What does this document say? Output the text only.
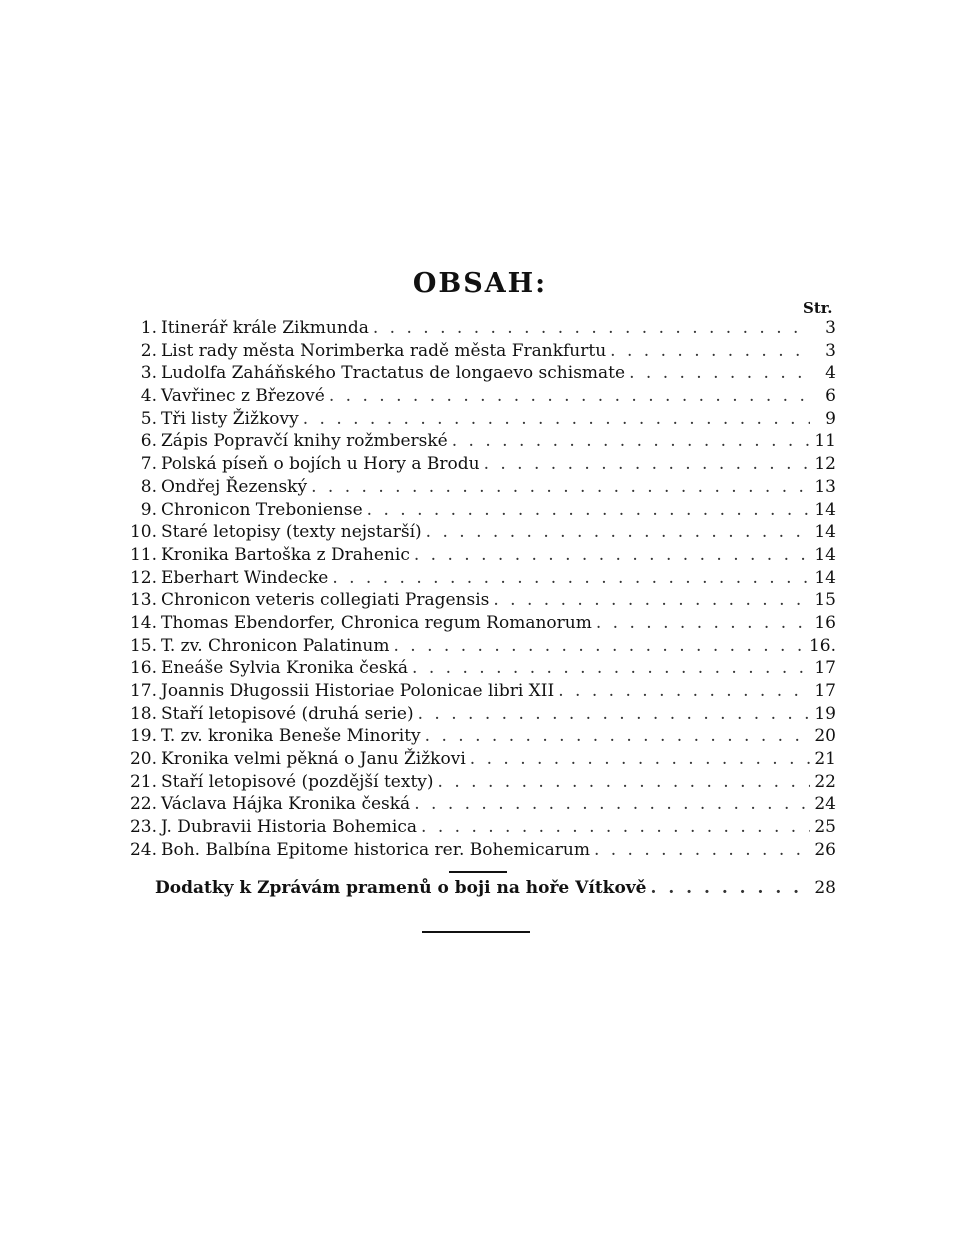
OBSAH:
Str.
1. Itinerář krále Zikmunda . . .	3
2. List rady města Norimberka radě města Frankfurtu . . .	3
3. Ludolfa Zaháňského Tractatus de longaevo schismate . . .	4
4. Vavřinec z Březové . . .	6
5. Tři listy Žižkovy . . .	9
6. Zápis Popravčí knihy rožmberské . . .	11
7. Polská píseň o bojích u Hory a Brodu . . .	12
8. Ondřej Řezenský . . .	13
9. Chronicon Treboniense . . .	14
10. Staré letopisy (texty nejstarší) . . .	14
11. Kronika Bartoška z Drahenic . . .	14
12. Eberhart Windecke . . .	14
13. Chronicon veteris collegiati Pragensis . . .	15
14. Thomas Ebendorfer, Chronica regum Romanorum . . .	16
15. T. zv. Chronicon Palatinum . . .	16.
16. Eneáše Sylvia Kronika česká . . .	17
17. Joannis Długossii Historiae Polonicae libri XII . . .	17
18. Staří letopisové (druhá serie) . . .	19
19. T. zv. kronika Beneše Minority . . .	20
20. Kronika velmi pěkná o Janu Žižkovi . . .	21
21. Staří letopisové (pozdější texty) . . .	22
22. Václava Hájka Kronika česká . . .	24
23. J. Dubravii Historia Bohemica . . .	25
24. Boh. Balbína Epitome historica rer. Bohemicarum . . .	26
Dodatky k Zprávám pramenů o boji na hoře Vítkově . . .	28
